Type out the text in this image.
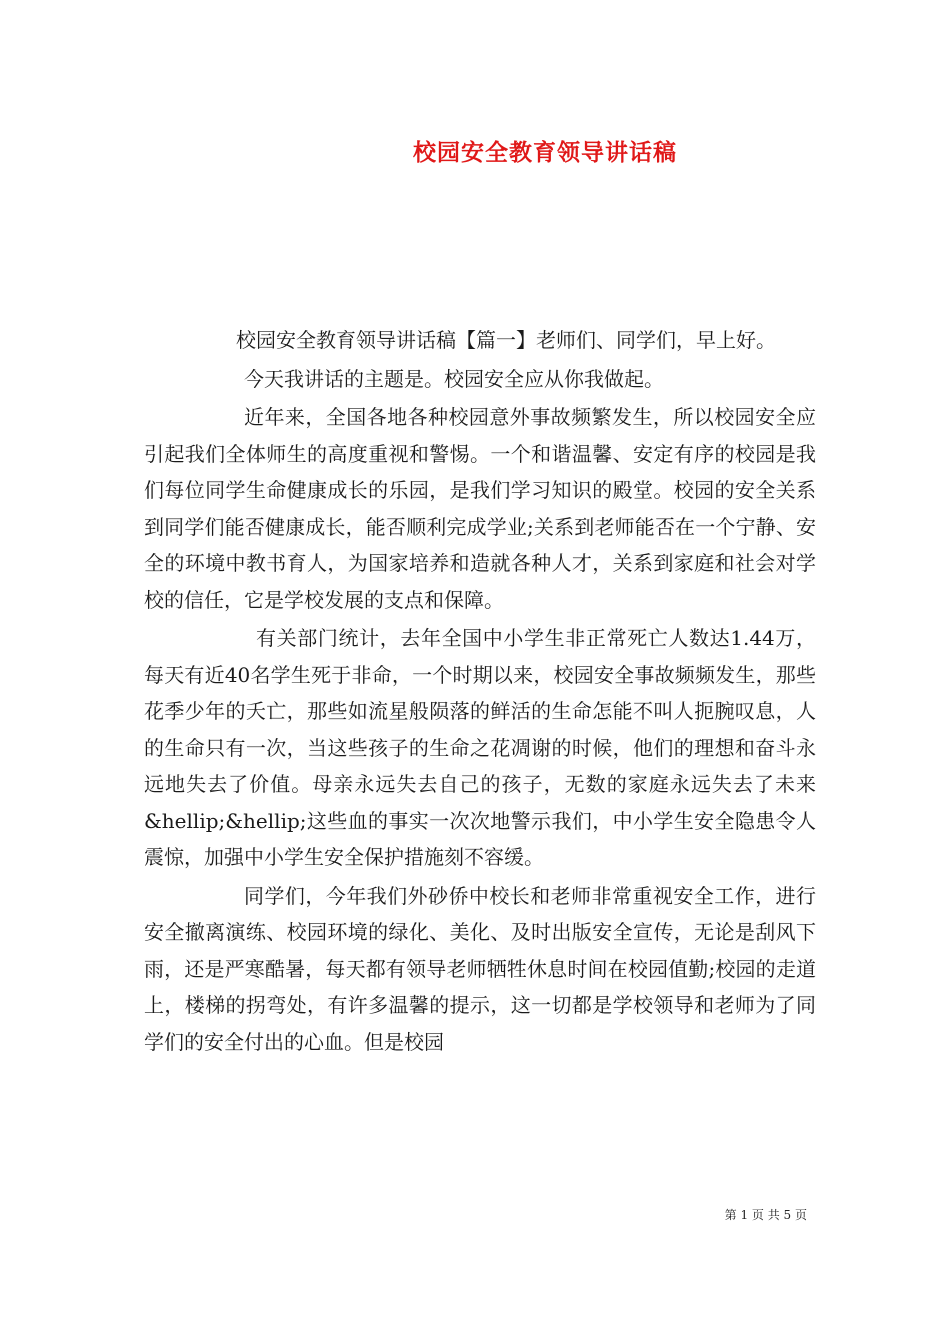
校园安全教育领导讲话稿

校园安全教育领导讲话稿【篇一】老师们、同学们，早上好。

今天我讲话的主题是。校园安全应从你我做起。

近年来，全国各地各种校园意外事故频繁发生，所以校园安全应引起我们全体师生的高度重视和警惕。一个和谐温馨、安定有序的校园是我们每位同学生命健康成长的乐园，是我们学习知识的殿堂。校园的安全关系到同学们能否健康成长，能否顺利完成学业;关系到老师能否在一个宁静、安全的环境中教书育人，为国家培养和造就各种人才，关系到家庭和社会对学校的信任，它是学校发展的支点和保障。

有关部门统计，去年全国中小学生非正常死亡人数达1.44万，每天有近40名学生死于非命，一个时期以来，校园安全事故频频发生，那些花季少年的夭亡，那些如流星般陨落的鲜活的生命怎能不叫人扼腕叹息，人的生命只有一次，当这些孩子的生命之花凋谢的时候，他们的理想和奋斗永远地失去了价值。母亲永远失去自己的孩子，无数的家庭永远失去了未来&hellip;&hellip;这些血的事实一次次地警示我们，中小学生安全隐患令人震惊，加强中小学生安全保护措施刻不容缓。

同学们，今年我们外砂侨中校长和老师非常重视安全工作，进行安全撤离演练、校园环境的绿化、美化、及时出版安全宣传，无论是刮风下雨，还是严寒酷暑，每天都有领导老师牺牲休息时间在校园值勤;校园的走道上，楼梯的拐弯处，有许多温馨的提示，这一切都是学校领导和老师为了同学们的安全付出的心血。但是校园

第 1 页 共 5 页
